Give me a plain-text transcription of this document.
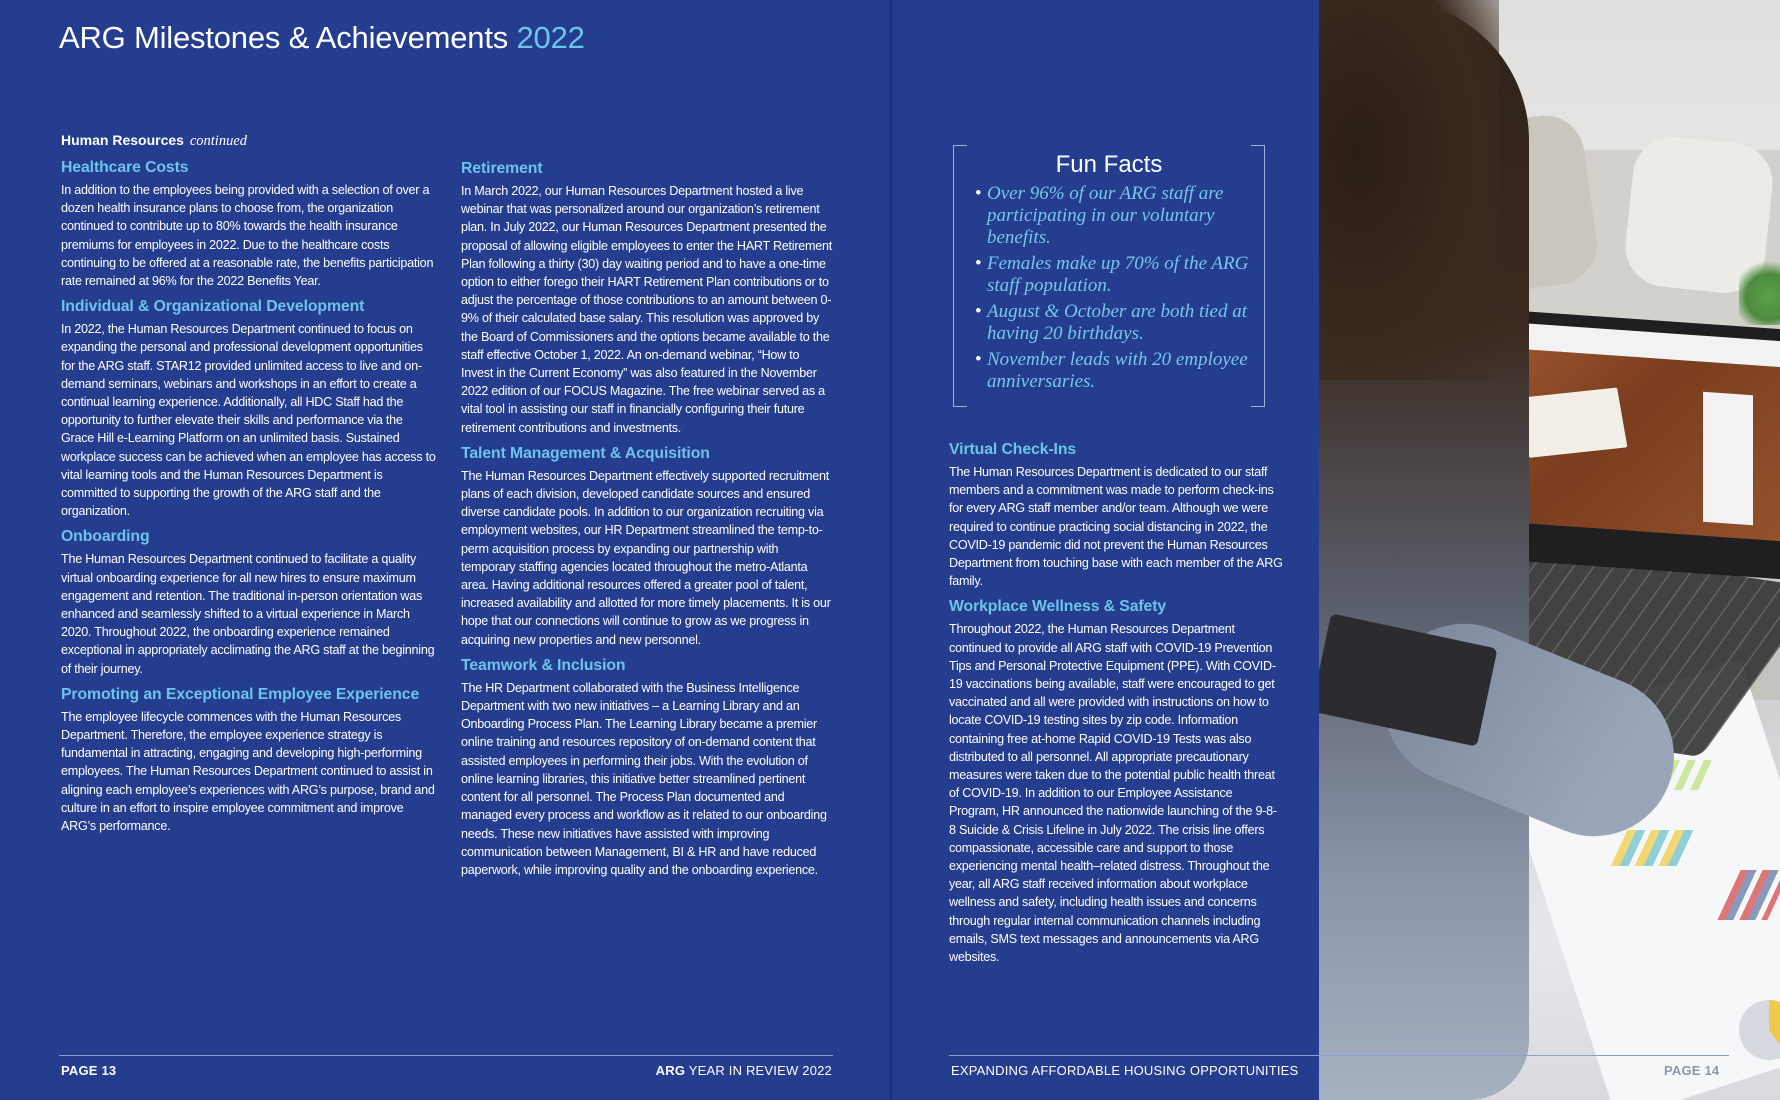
ARG Milestones & Achievements 2022
Human Resources continued
Healthcare Costs

In addition to the employees being provided with a selection of over a dozen health insurance plans to choose from, the organization continued to contribute up to 80% towards the health insurance premiums for employees in 2022. Due to the healthcare costs continuing to be offered at a reasonable rate, the benefits participation rate remained at 96% for the 2022 Benefits Year.

Individual & Organizational Development

In 2022, the Human Resources Department continued to focus on expanding the personal and professional development opportunities for the ARG staff. STAR12 provided unlimited access to live and on-demand seminars, webinars and workshops in an effort to create a continual learning experience. Additionally, all HDC Staff had the opportunity to further elevate their skills and performance via the Grace Hill e-Learning Platform on an unlimited basis. Sustained workplace success can be achieved when an employee has access to vital learning tools and the Human Resources Department is committed to supporting the growth of the ARG staff and the organization.

Onboarding

The Human Resources Department continued to facilitate a quality virtual onboarding experience for all new hires to ensure maximum engagement and retention. The traditional in-person orientation was enhanced and seamlessly shifted to a virtual experience in March 2020. Throughout 2022, the onboarding experience remained exceptional in appropriately acclimating the ARG staff at the beginning of their journey.

Promoting an Exceptional Employee Experience

The employee lifecycle commences with the Human Resources Department. Therefore, the employee experience strategy is fundamental in attracting, engaging and developing high-performing employees. The Human Resources Department continued to assist in aligning each employee’s experiences with ARG’s purpose, brand and culture in an effort to inspire employee commitment and improve ARG’s performance.

Retirement

In March 2022, our Human Resources Department hosted a live webinar that was personalized around our organization’s retirement plan. In July 2022, our Human Resources Department presented the proposal of allowing eligible employees to enter the HART Retirement Plan following a thirty (30) day waiting period and to have a one-time option to either forego their HART Retirement Plan contributions or to adjust the percentage of those contributions to an amount between 0-9% of their calculated base salary. This resolution was approved by the Board of Commissioners and the options became available to the staff effective October 1, 2022. An on-demand webinar, “How to Invest in the Current Economy” was also featured in the November 2022 edition of our FOCUS Magazine. The free webinar served as a vital tool in assisting our staff in financially configuring their future retirement contributions and investments.

Talent Management & Acquisition

The Human Resources Department effectively supported recruitment plans of each division, developed candidate sources and ensured diverse candidate pools. In addition to our organization recruiting via employment websites, our HR Department streamlined the temp-to-perm acquisition process by expanding our partnership with temporary staffing agencies located throughout the metro-Atlanta area. Having additional resources offered a greater pool of talent, increased availability and allotted for more timely placements. It is our hope that our connections will continue to grow as we progress in acquiring new properties and new personnel.

Teamwork & Inclusion

The HR Department collaborated with the Business Intelligence Department with two new initiatives – a Learning Library and an Onboarding Process Plan. The Learning Library became a premier online training and resources repository of on-demand content that assisted employees in performing their jobs. With the evolution of online learning libraries, this initiative better streamlined pertinent content for all personnel. The Process Plan documented and managed every process and workflow as it related to our onboarding needs. These new initiatives have assisted with improving communication between Management, BI & HR and have reduced paperwork, while improving quality and the onboarding experience.

Fun Facts
• Over 96% of our ARG staff are participating in our voluntary benefits.
• Females make up 70% of the ARG staff population.
• August & October are both tied at having 20 birthdays.
• November leads with 20 employee anniversaries.
Virtual Check-Ins

The Human Resources Department is dedicated to our staff members and a commitment was made to perform check-ins for every ARG staff member and/or team. Although we were required to continue practicing social distancing in 2022, the COVID-19 pandemic did not prevent the Human Resources Department from touching base with each member of the ARG family.

Workplace Wellness & Safety

Throughout 2022, the Human Resources Department continued to provide all ARG staff with COVID-19 Prevention Tips and Personal Protective Equipment (PPE). With COVID-19 vaccinations being available, staff were encouraged to get vaccinated and all were provided with instructions on how to locate COVID-19 testing sites by zip code. Information containing free at-home Rapid COVID-19 Tests was also distributed to all personnel. All appropriate precautionary measures were taken due to the potential public health threat of COVID-19. In addition to our Employee Assistance Program, HR announced the nationwide launching of the 9-8-8 Suicide & Crisis Lifeline in July 2022. The crisis line offers compassionate, accessible care and support to those experiencing mental health–related distress. Throughout the year, all ARG staff received information about workplace wellness and safety, including health issues and concerns through regular internal communication channels including emails, SMS text messages and announcements via ARG websites.

PAGE 13	ARG YEAR IN REVIEW 2022	EXPANDING AFFORDABLE HOUSING OPPORTUNITIES	PAGE 14
